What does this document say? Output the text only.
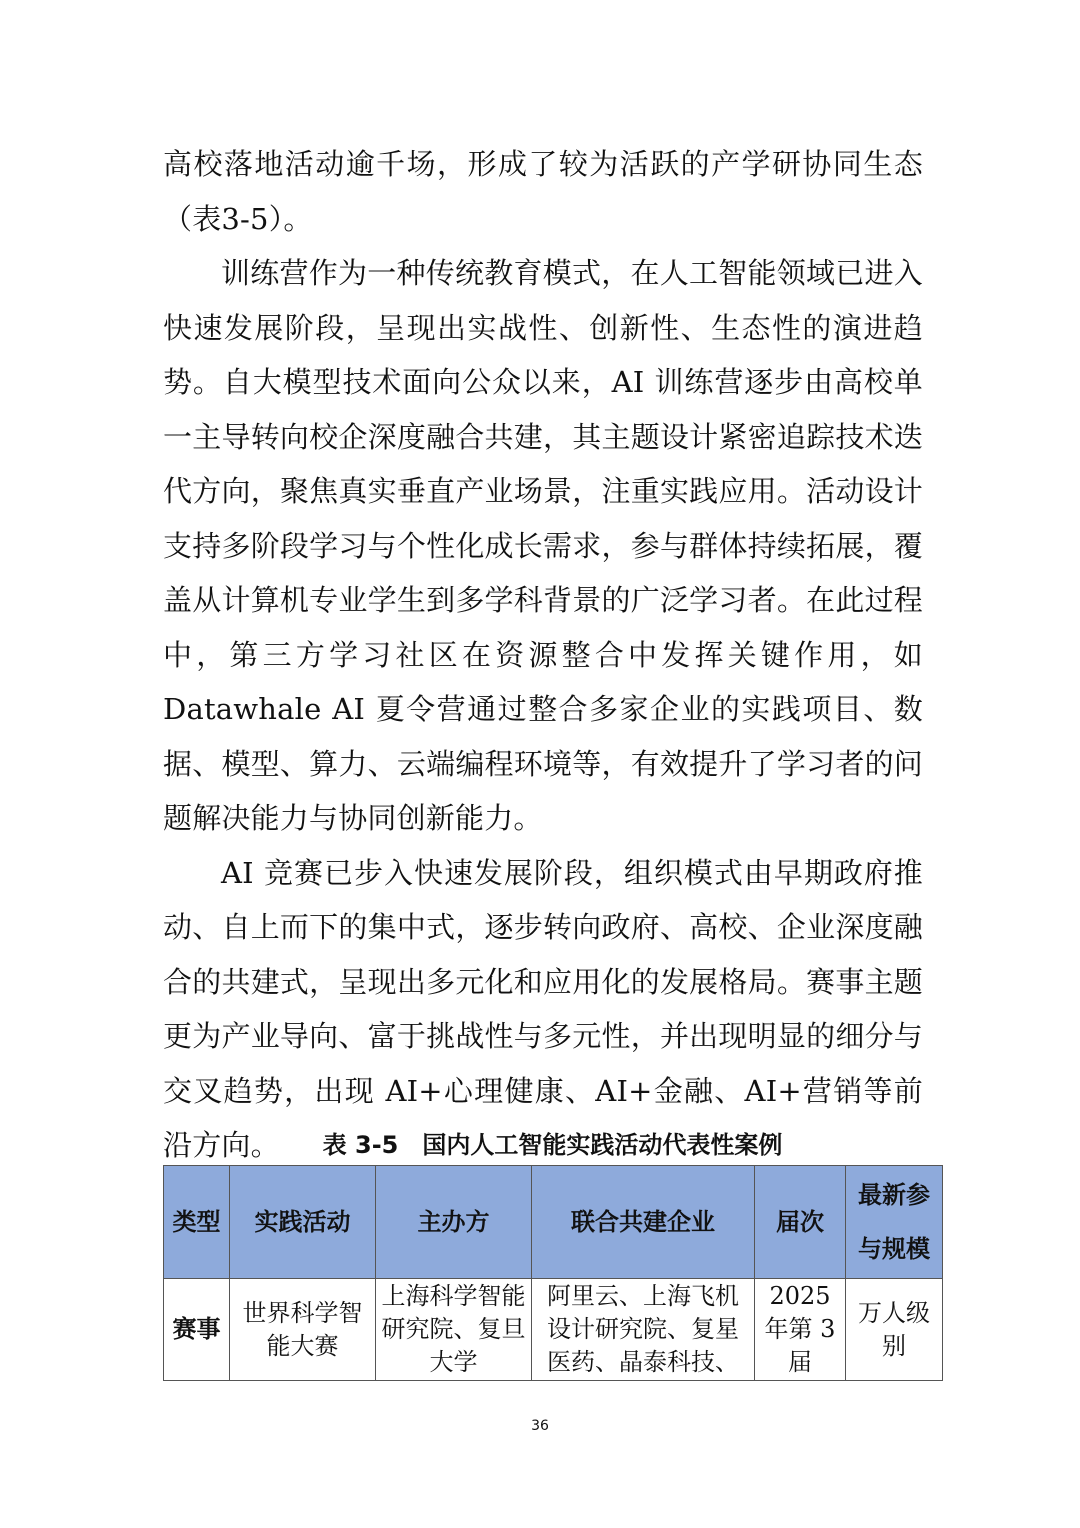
高校落地活动逾千场，形成了较为活跃的产学研协同生态（表3-5）。

训练营作为一种传统教育模式，在人工智能领域已进入快速发展阶段，呈现出实战性、创新性、生态性的演进趋势。自大模型技术面向公众以来，AI 训练营逐步由高校单一主导转向校企深度融合共建，其主题设计紧密追踪技术迭代方向，聚焦真实垂直产业场景，注重实践应用。活动设计支持多阶段学习与个性化成长需求，参与群体持续拓展，覆盖从计算机专业学生到多学科背景的广泛学习者。在此过程中，第三方学习社区在资源整合中发挥关键作用，如 Datawhale AI 夏令营通过整合多家企业的实践项目、数据、模型、算力、云端编程环境等，有效提升了学习者的问题解决能力与协同创新能力。

AI 竞赛已步入快速发展阶段，组织模式由早期政府推动、自上而下的集中式，逐步转向政府、高校、企业深度融合的共建式，呈现出多元化和应用化的发展格局。赛事主题更为产业导向、富于挑战性与多元性，并出现明显的细分与交叉趋势，出现 AI+心理健康、AI+金融、AI+营销等前沿方向。	表 3-5　国内人工智能实践活动代表性案例
类型	实践活动	主办方	联合共建企业	届次	最新参与规模
赛事	世界科学智能大赛	上海科学智能研究院、复旦大学	阿里云、上海飞机设计研究院、复星医药、晶泰科技、	2025 年第 3 届	万人级别
36
